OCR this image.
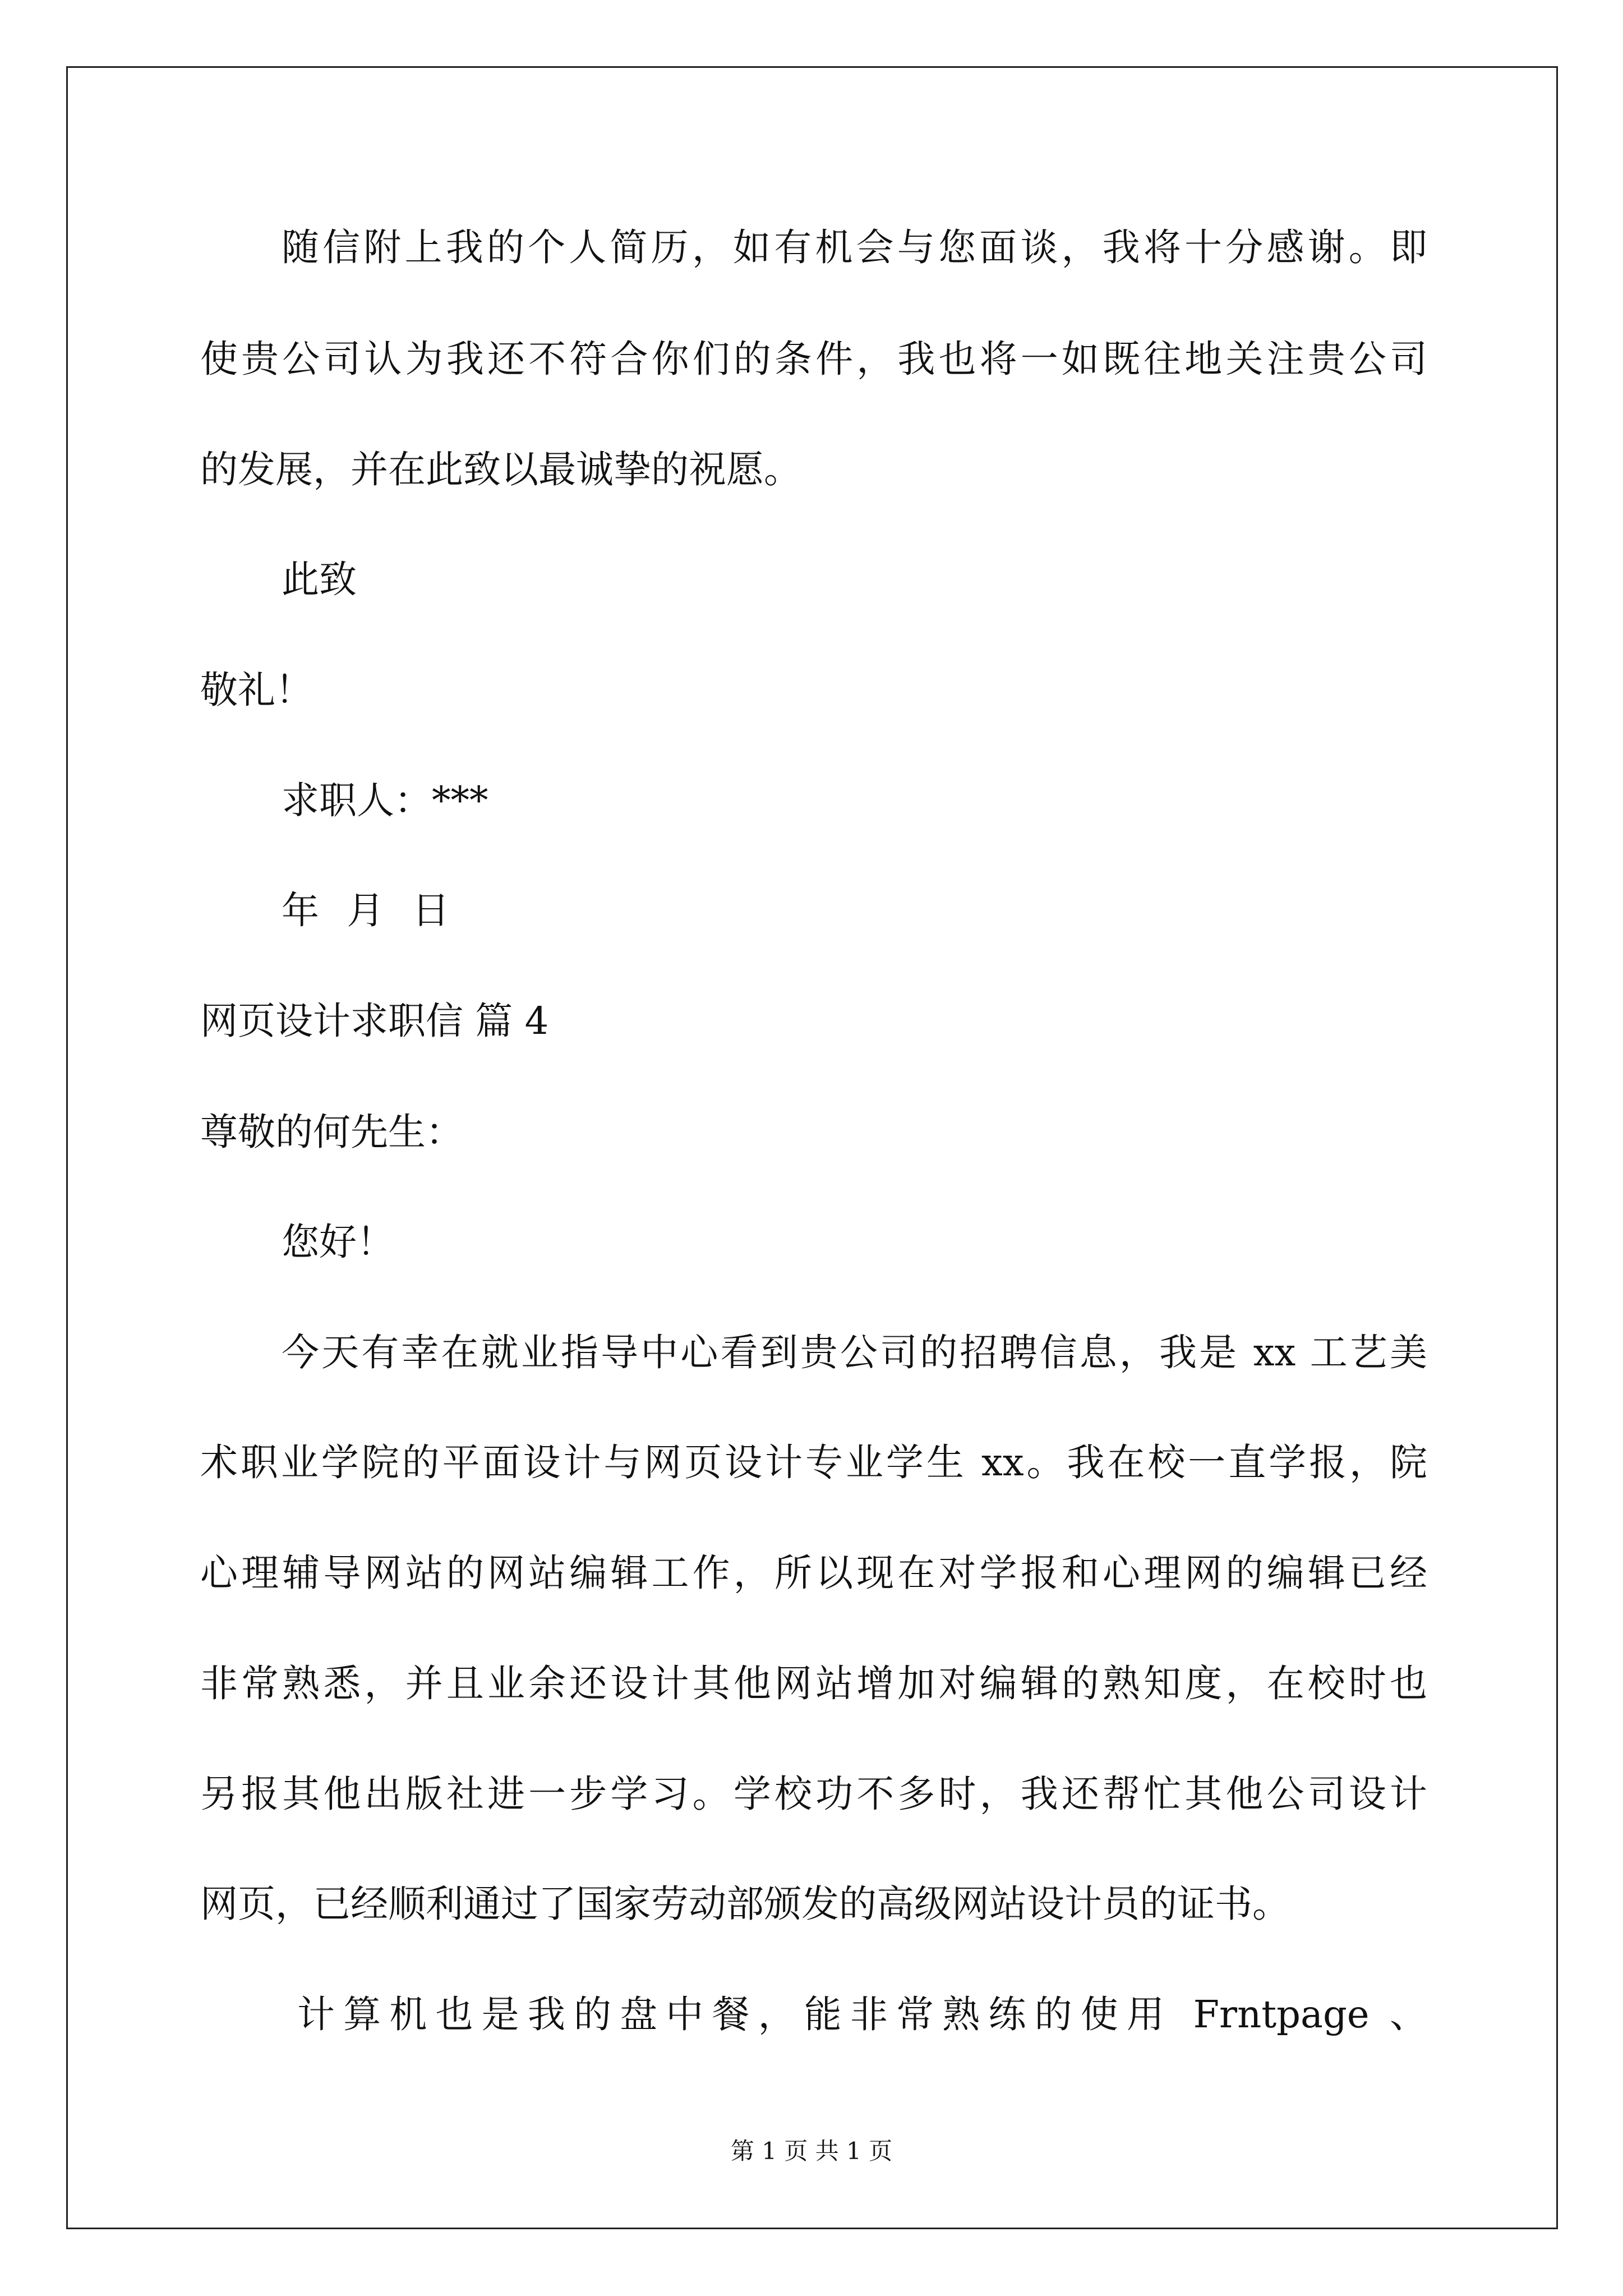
随信附上我的个人简历，如有机会与您面谈，我将十分感谢。即

使贵公司认为我还不符合你们的条件，我也将一如既往地关注贵公司

的发展，并在此致以最诚挚的祝愿。

此致

敬礼！

求职人：***

年 月 日

网页设计求职信 篇 4

尊敬的何先生：

您好！

今天有幸在就业指导中心看到贵公司的招聘信息，我是 xx 工艺美

术职业学院的平面设计与网页设计专业学生 xx。我在校一直学报，院

心理辅导网站的网站编辑工作，所以现在对学报和心理网的编辑已经

非常熟悉，并且业余还设计其他网站增加对编辑的熟知度，在校时也

另报其他出版社进一步学习。学校功不多时，我还帮忙其他公司设计

网页，已经顺利通过了国家劳动部颁发的高级网站设计员的证书。

计算机也是我的盘中餐，能非常熟练的使用 Frntpage 、

第 1 页 共 1 页
